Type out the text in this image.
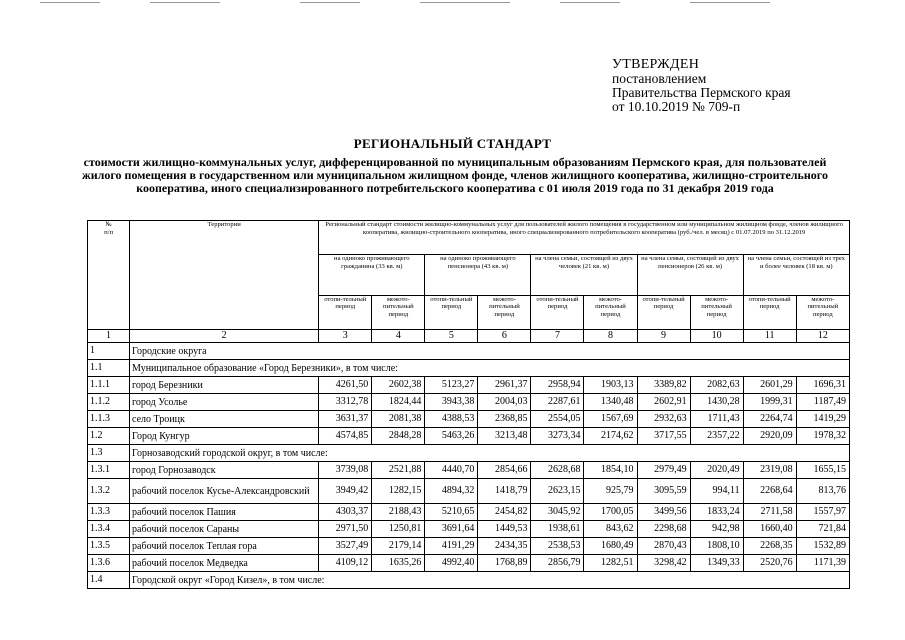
УТВЕРЖДЕН
постановлением
Правительства Пермского края
от 10.10.2019 № 709-п
РЕГИОНАЛЬНЫЙ СТАНДАРТ
стоимости жилищно-коммунальных услуг, дифференцированной по муниципальным образованиям Пермского края, для пользователей жилого помещения в государственном или муниципальном жилищном фонде, членов жилищного кооператива, жилищно-строительного кооператива, иного специализированного потребительского кооператива с 01 июля 2019 года по 31 декабря 2019 года
№
п/п	Территории	Региональный стандарт стоимости жилищно-коммунальных услуг для пользователей жилого помещения в государственном или муниципальном жилищном фонде, членов жилищного кооператива, жилищно-строительного кооператива, иного специализированного потребительского кооператива (руб./чел. в месяц) с 01.07.2019 по 31.12.2019									
		на одиноко проживающего гражданина (33 кв. м)		на одиноко проживающего пенсионера (43 кв. м)		на члена семьи, состоящей из двух человек (21 кв. м)		на члена семьи, состоящей из двух пенсионеров (26 кв. м)		на члена семьи, состоящей из трех и более человек (18 кв. м)	
		отопи-тельный период	межото-пительный период	отопи-тельный период	межото-пительный период	отопи-тельный период	межото-пительный период	отопи-тельный период	межото-пительный период	отопи-тельный период	межото-пительный период
1	2	3	4	5	6	7	8	9	10	11	12
1	Городские округа										
1.1	Муниципальное образование «Город Березники», в том числе:										
1.1.1	город Березники	4261,50	2602,38	5123,27	2961,37	2958,94	1903,13	3389,82	2082,63	2601,29	1696,31
1.1.2	город Усолье	3312,78	1824,44	3943,38	2004,03	2287,61	1340,48	2602,91	1430,28	1999,31	1187,49
1.1.3	село Троицк	3631,37	2081,38	4388,53	2368,85	2554,05	1567,69	2932,63	1711,43	2264,74	1419,29
1.2	Город Кунгур	4574,85	2848,28	5463,26	3213,48	3273,34	2174,62	3717,55	2357,22	2920,09	1978,32
1.3	Горнозаводский городской округ, в том числе:										
1.3.1	город Горнозаводск	3739,08	2521,88	4440,70	2854,66	2628,68	1854,10	2979,49	2020,49	2319,08	1655,15
1.3.2	рабочий поселок Кусье-Александровский	3949,42	1282,15	4894,32	1418,79	2623,15	925,79	3095,59	994,11	2268,64	813,76
1.3.3	рабочий поселок Пашия	4303,37	2188,43	5210,65	2454,82	3045,92	1700,05	3499,56	1833,24	2711,58	1557,97
1.3.4	рабочий поселок Сараны	2971,50	1250,81	3691,64	1449,53	1938,61	843,62	2298,68	942,98	1660,40	721,84
1.3.5	рабочий поселок Теплая гора	3527,49	2179,14	4191,29	2434,35	2538,53	1680,49	2870,43	1808,10	2268,35	1532,89
1.3.6	рабочий поселок Медведка	4109,12	1635,26	4992,40	1768,89	2856,79	1282,51	3298,42	1349,33	2520,76	1171,39
1.4	Городской округ «Город Кизел», в том числе:										
